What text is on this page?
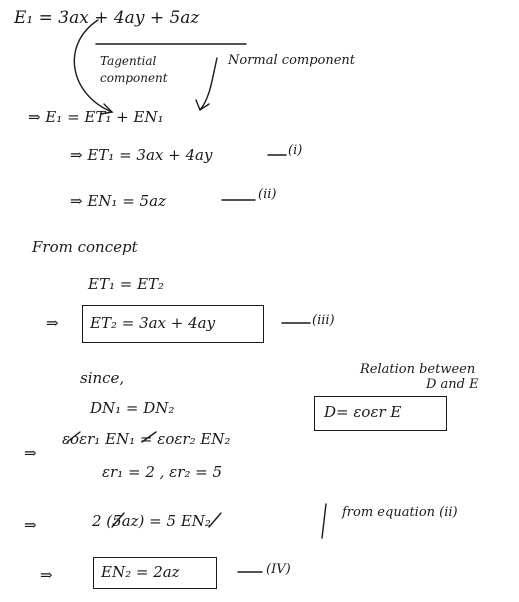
E₁ = 3ax + 4ay + 5az
Tagential component
Normal component
⇒ E₁ = ET₁ + EN₁
⇒ ET₁ = 3ax + 4ay	(i)
⇒ EN₁ = 5az	(ii)
From concept
ET₁ = ET₂
⇒ ET₂ = 3ax + 4ay	(iii)
since,	Relation between
D and E
D= εoεr E
DN₁ = DN₂
εoεr₁ EN₁ = εoεr₂ EN₂
⇒
εr₁ = 2 , εr₂ = 5
⇒	2 (5az) = 5 EN₂	from equation (ii)
⇒	EN₂ = 2az	(IV)
